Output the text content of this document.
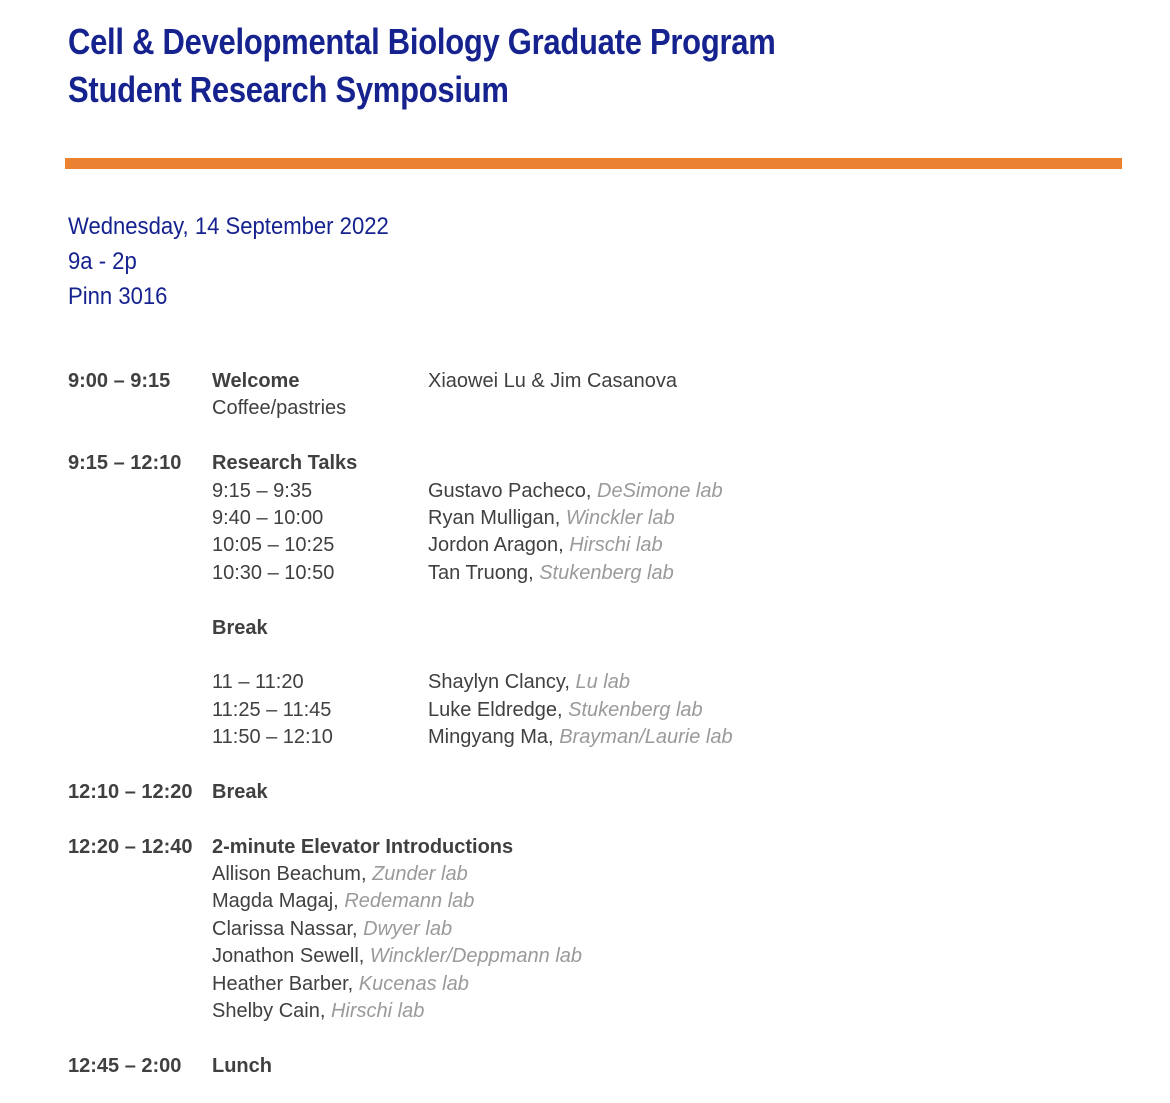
Cell & Developmental Biology Graduate Program
Student Research Symposium
Wednesday, 14 September 2022
9a - 2p
Pinn 3016
9:00 – 9:15 Welcome	Xiaowei Lu & Jim Casanova
Coffee/pastries
9:15 – 12:10 Research Talks
9:15 – 9:35	Gustavo Pacheco, DeSimone lab
9:40 – 10:00	Ryan Mulligan, Winckler lab
10:05 – 10:25	Jordon Aragon, Hirschi lab
10:30 – 10:50	Tan Truong, Stukenberg lab
Break
11 – 11:20	Shaylyn Clancy, Lu lab
11:25 – 11:45	Luke Eldredge, Stukenberg lab
11:50 – 12:10	Mingyang Ma, Brayman/Laurie lab
12:10 – 12:20 Break
12:20 – 12:40 2-minute Elevator Introductions
Allison Beachum, Zunder lab
Magda Magaj, Redemann lab
Clarissa Nassar, Dwyer lab
Jonathon Sewell, Winckler/Deppmann lab
Heather Barber, Kucenas lab
Shelby Cain, Hirschi lab
12:45 – 2:00 Lunch
